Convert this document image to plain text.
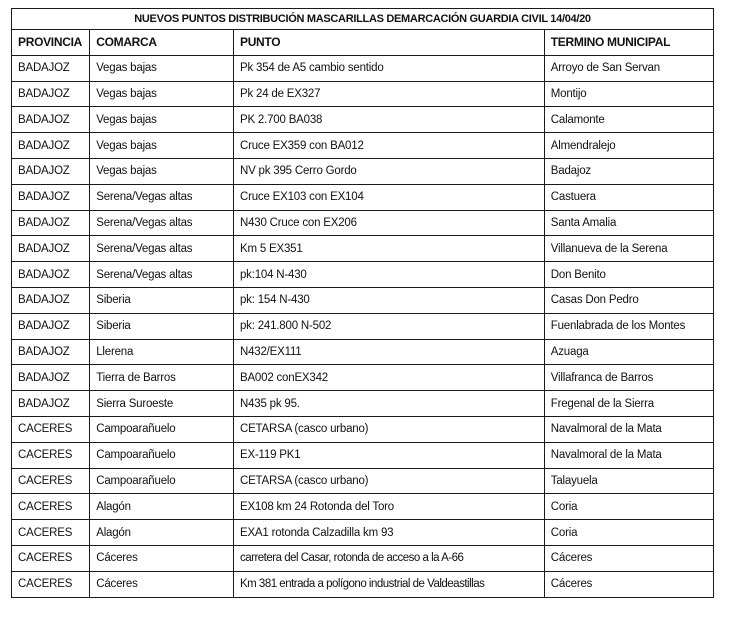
NUEVOS PUNTOS DISTRIBUCIÓN MASCARILLAS DEMARCACIÓN GUARDIA CIVIL 14/04/20			
PROVINCIA	COMARCA	PUNTO	TERMINO MUNICIPAL
BADAJOZ	Vegas bajas	Pk 354 de A5 cambio sentido	Arroyo de San Servan
BADAJOZ	Vegas bajas	Pk 24 de EX327	Montijo
BADAJOZ	Vegas bajas	PK 2.700 BA038	Calamonte
BADAJOZ	Vegas bajas	Cruce EX359 con BA012	Almendralejo
BADAJOZ	Vegas bajas	NV pk 395 Cerro Gordo	Badajoz
BADAJOZ	Serena/Vegas altas	Cruce EX103 con EX104	Castuera
BADAJOZ	Serena/Vegas altas	N430 Cruce con EX206	Santa Amalia
BADAJOZ	Serena/Vegas altas	Km 5 EX351	Villanueva de la Serena
BADAJOZ	Serena/Vegas altas	pk:104 N-430	Don Benito
BADAJOZ	Siberia	pk: 154 N-430	Casas Don Pedro
BADAJOZ	Siberia	pk: 241.800 N-502	Fuenlabrada de los Montes
BADAJOZ	Llerena	N432/EX111	Azuaga
BADAJOZ	Tierra de Barros	BA002 conEX342	Villafranca de Barros
BADAJOZ	Sierra Suroeste	N435 pk 95.	Fregenal de la Sierra
CACERES	Campoarañuelo	CETARSA (casco urbano)	Navalmoral de la Mata
CACERES	Campoarañuelo	EX-119 PK1	Navalmoral de la Mata
CACERES	Campoarañuelo	CETARSA (casco urbano)	Talayuela
CACERES	Alagón	EX108 km 24 Rotonda del Toro	Coria
CACERES	Alagón	EXA1 rotonda Calzadilla km 93	Coria
CACERES	Cáceres	carretera del Casar, rotonda de acceso a la A-66	Cáceres
CACERES	Cáceres	Km 381 entrada a polígono industrial de Valdeastillas	Cáceres
